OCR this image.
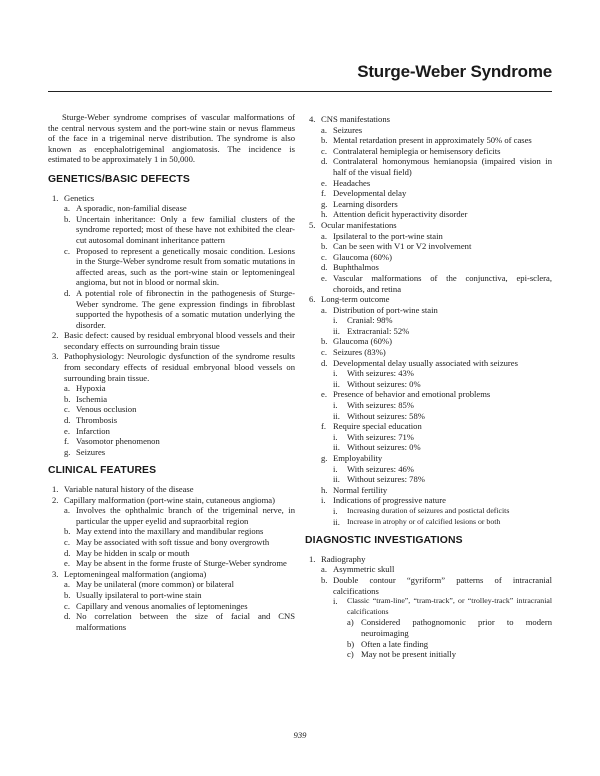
Sturge-Weber Syndrome

Sturge-Weber syndrome comprises of vascular malformations of the central nervous system and the port-wine stain or nevus flammeus of the face in a trigeminal nerve distribution. The syndrome is also known as encephalotrigeminal angiomatosis. The incidence is estimated to be approximately 1 in 50,000.

GENETICS/BASIC DEFECTS
1. Genetics
a. A sporadic, non-familial disease
b. Uncertain inheritance: Only a few familial clusters of the syndrome reported; most of these have not exhibited the clear-cut autosomal dominant inheritance pattern
c. Proposed to represent a genetically mosaic condition. Lesions in the Sturge-Weber syndrome result from somatic mutations in affected areas, such as the port-wine stain or leptomeningeal angioma, but not in blood or normal skin.
d. A potential role of fibronectin in the pathogenesis of Sturge-Weber syndrome. The gene expression findings in fibroblast supported the hypothesis of a somatic mutation underlying the disorder.
2. Basic defect: caused by residual embryonal blood vessels and their secondary effects on surrounding brain tissue
3. Pathophysiology: Neurologic dysfunction of the syndrome results from secondary effects of residual embryonal blood vessels on surrounding brain tissue.
a. Hypoxia
b. Ischemia
c. Venous occlusion
d. Thrombosis
e. Infarction
f. Vasomotor phenomenon
g. Seizures
CLINICAL FEATURES
1. Variable natural history of the disease
2. Capillary malformation (port-wine stain, cutaneous angioma)
a. Involves the ophthalmic branch of the trigeminal nerve, in particular the upper eyelid and supraorbital region
b. May extend into the maxillary and mandibular regions
c. May be associated with soft tissue and bony overgrowth
d. May be hidden in scalp or mouth
e. May be absent in the forme fruste of Sturge-Weber syndrome
3. Leptomeningeal malformation (angioma)
a. May be unilateral (more common) or bilateral
b. Usually ipsilateral to port-wine stain
c. Capillary and venous anomalies of leptomeninges
d. No correlation between the size of facial and CNS malformations
4. CNS manifestations
a. Seizures
b. Mental retardation present in approximately 50% of cases
c. Contralateral hemiplegia or hemisensory deficits
d. Contralateral homonymous hemianopsia (impaired vision in half of the visual field)
e. Headaches
f. Developmental delay
g. Learning disorders
h. Attention deficit hyperactivity disorder
5. Ocular manifestations
a. Ipsilateral to the port-wine stain
b. Can be seen with V1 or V2 involvement
c. Glaucoma (60%)
d. Buphthalmos
e. Vascular malformations of the conjunctiva, epi-sclera, choroids, and retina
6. Long-term outcome
a. Distribution of port-wine stain
i.	Cranial: 98%
ii. Extracranial: 52%
b. Glaucoma (60%)
c. Seizures (83%)
d. Developmental delay usually associated with seizures
i.	With seizures: 43%
ii. Without seizures: 0%
e. Presence of behavior and emotional problems
i.	With seizures: 85%
ii. Without seizures: 58%
f. Require special education
i.	With seizures: 71%
ii. Without seizures: 0%
g. Employability
i.	With seizures: 46%
ii. Without seizures: 78%
h. Normal fertility
i. Indications of progressive nature
i.	Increasing duration of seizures and postictal deficits
ii. Increase in atrophy or of calcified lesions or both
DIAGNOSTIC INVESTIGATIONS
1. Radiography
a. Asymmetric skull
b. Double contour “gyriform” patterns of intracranial calcifications
i.	Classic “tram-line”, “tram-track”, or “trolley-track” intracranial calcifications
a) Considered pathognomonic prior to modern neuroimaging
b) Often a late finding
c) May not be present initially
939
